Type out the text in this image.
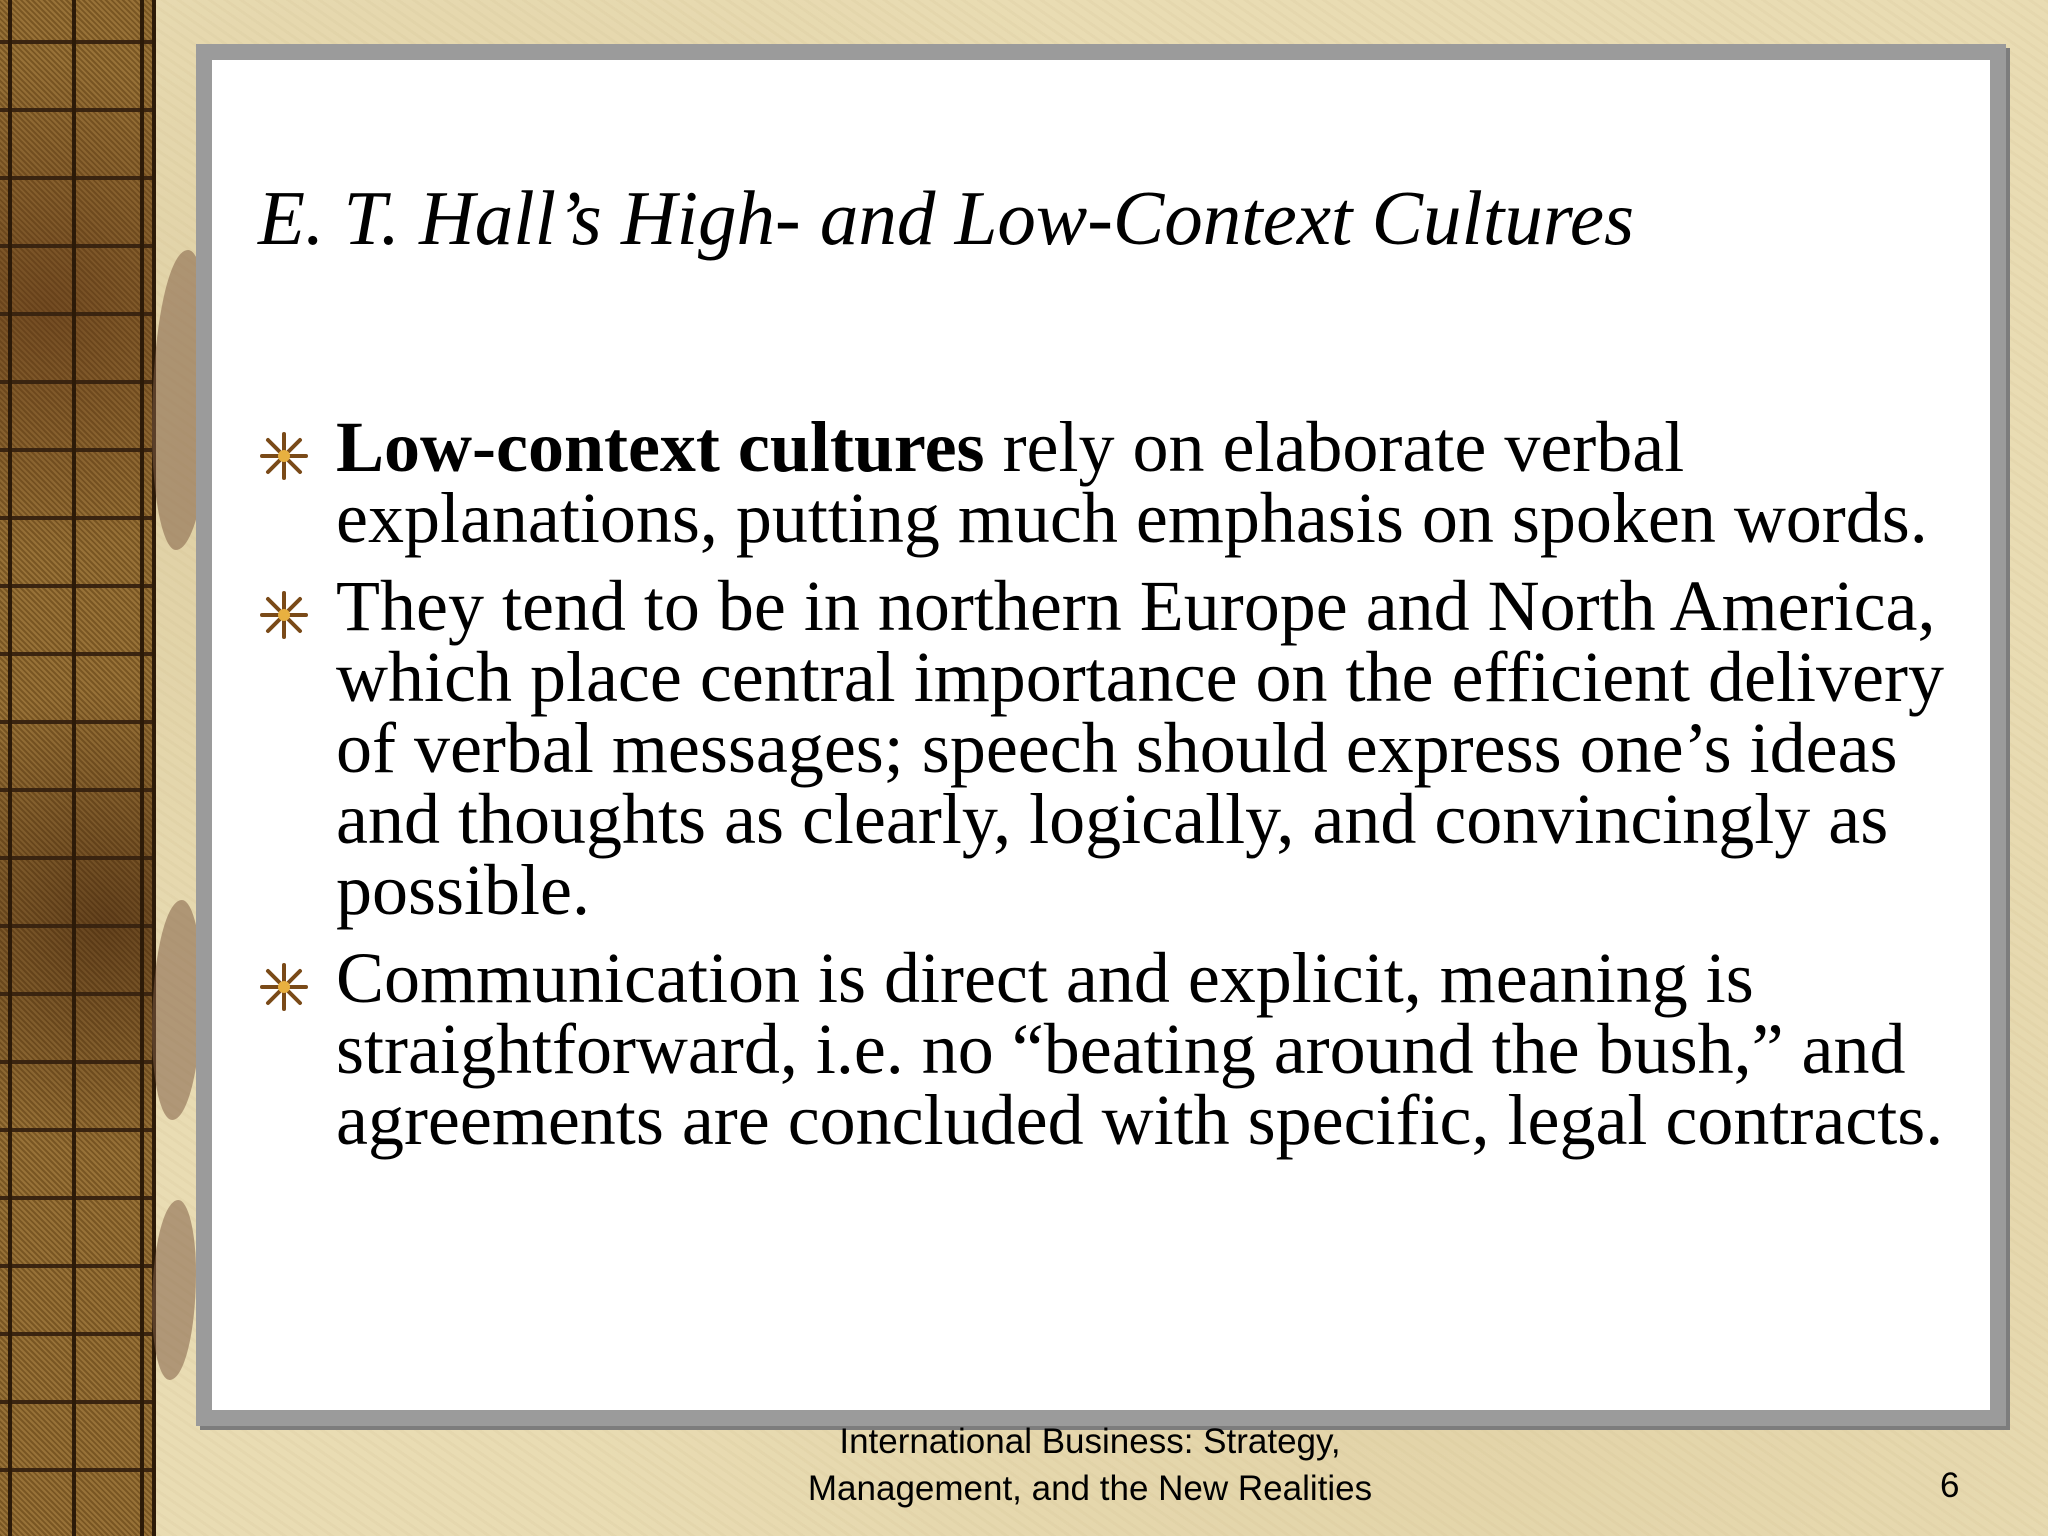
E. T. Hall’s High- and Low-Context Cultures
Low-context cultures rely on elaborate verbal explanations, putting much emphasis on spoken words.
They tend to be in northern Europe and North America, which place central importance on the efficient delivery of verbal messages; speech should express one’s ideas and thoughts as clearly, logically, and convincingly as possible.
Communication is direct and explicit, meaning is straightforward, i.e. no “beating around the bush,” and agreements are concluded with specific, legal contracts.
International Business: Strategy, Management, and the New Realities	6
